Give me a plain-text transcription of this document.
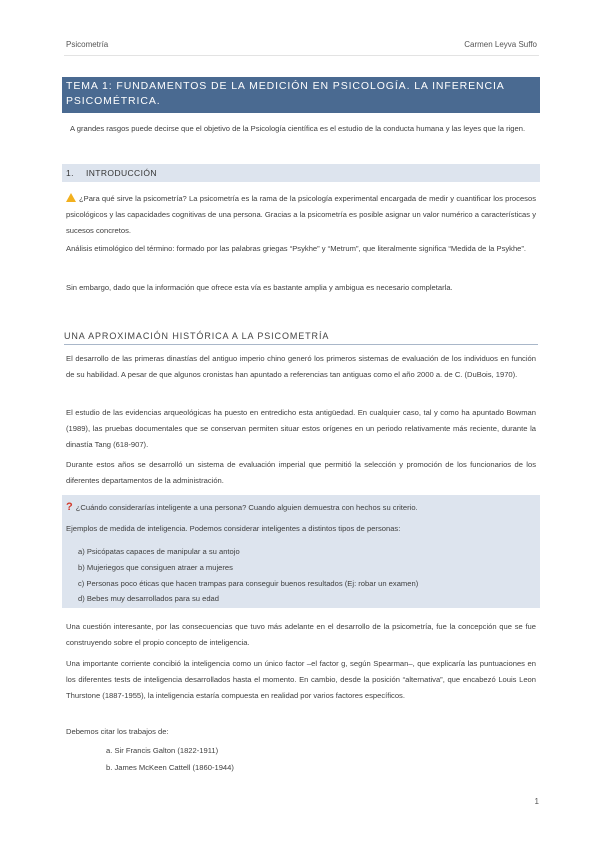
Psicometría	Carmen Leyva Suffo
TEMA 1: FUNDAMENTOS DE LA MEDICIÓN EN PSICOLOGÍA. LA INFERENCIA PSICOMÉTRICA.

A grandes rasgos puede decirse que el objetivo de la Psicología científica es el estudio de la conducta humana y las leyes que la rigen.

1. INTRODUCCIÓN

¿Para qué sirve la psicometría? La psicometría es la rama de la psicología experimental encargada de medir y cuantificar los procesos psicológicos y las capacidades cognitivas de una persona. Gracias a la psicometría es posible asignar un valor numérico a características y sucesos concretos.

Análisis etimológico del término: formado por las palabras griegas “Psykhe” y “Metrum”, que literalmente significa “Medida de la Psykhe”.

Sin embargo, dado que la información que ofrece esta vía es bastante amplia y ambigua es necesario completarla.

UNA APROXIMACIÓN HISTÓRICA A LA PSICOMETRÍA

El desarrollo de las primeras dinastías del antiguo imperio chino generó los primeros sistemas de evaluación de los individuos en función de su habilidad. A pesar de que algunos cronistas han apuntado a referencias tan antiguas como el año 2000 a. de C. (DuBois, 1970).

El estudio de las evidencias arqueológicas ha puesto en entredicho esta antigüedad. En cualquier caso, tal y como ha apuntado Bowman (1989), las pruebas documentales que se conservan permiten situar estos orígenes en un periodo relativamente más reciente, durante la dinastía Tang (618-907).

Durante estos años se desarrolló un sistema de evaluación imperial que permitió la selección y promoción de los funcionarios de los diferentes departamentos de la administración.

? ¿Cuándo considerarías inteligente a una persona? Cuando alguien demuestra con hechos su criterio.

Ejemplos de medida de inteligencia. Podemos considerar inteligentes a distintos tipos de personas:

a) Psicópatas capaces de manipular a su antojo
b) Mujeriegos que consiguen atraer a mujeres
c) Personas poco éticas que hacen trampas para conseguir buenos resultados (Ej: robar un examen)
d) Bebes muy desarrollados para su edad

Una cuestión interesante, por las consecuencias que tuvo más adelante en el desarrollo de la psicometría, fue la concepción que se fue construyendo sobre el propio concepto de inteligencia.

Una importante corriente concibió la inteligencia como un único factor –el factor g, según Spearman–, que explicaría las puntuaciones en los diferentes tests de inteligencia desarrollados hasta el momento. En cambio, desde la posición “alternativa”, que encabezó Louis Leon Thurstone (1887-1955), la inteligencia estaría compuesta en realidad por varios factores específicos.

Debemos citar los trabajos de:

a. Sir Francis Galton (1822-1911)
b. James McKeen Cattell (1860-1944)
1
